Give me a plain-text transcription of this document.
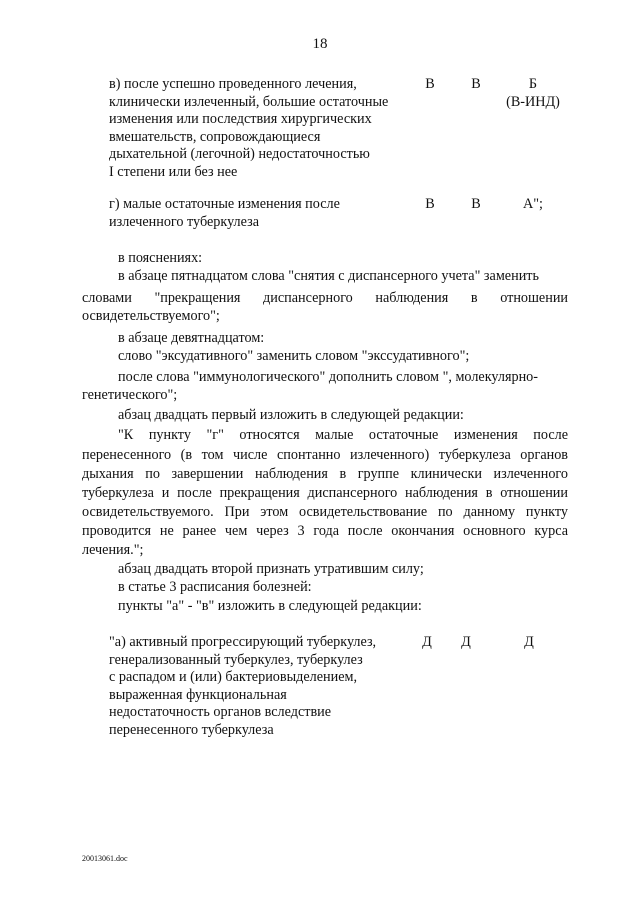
18
в) после успешно проведенного лечения,
клинически излеченный, большие остаточные
изменения или последствия хирургических
вмешательств, сопровождающиеся
дыхательной (легочной) недостаточностью
I степени или без нее
В	В	Б
(В-ИНД)
г) малые остаточные изменения после
излеченного туберкулеза
В	В	А";
в пояснениях:
в абзаце пятнадцатом слова "снятия с диспансерного учета" заменить
словами "прекращения диспансерного наблюдения в отношении
освидетельствуемого";
в абзаце девятнадцатом:
слово "эксудативного" заменить словом "экссудативного";
после слова "иммунологического" дополнить словом ", молекулярно-
генетического";
абзац двадцать первый изложить в следующей редакции:
"К пункту "г" относятся малые остаточные изменения после
перенесенного (в том числе спонтанно излеченного) туберкулеза органов
дыхания по завершении наблюдения в группе клинически излеченного
туберкулеза и после прекращения диспансерного наблюдения в отношении
освидетельствуемого. При этом освидетельствование по данному пункту
проводится не ранее чем через 3 года после окончания основного курса
лечения.";
абзац двадцать второй признать утратившим силу;
в статье 3 расписания болезней:
пункты "а" - "в" изложить в следующей редакции:
"а) активный прогрессирующий туберкулез,
генерализованный туберкулез, туберкулез
с распадом и (или) бактериовыделением,
выраженная функциональная
недостаточность органов вследствие
перенесенного туберкулеза
Д	Д	Д
20013061.doc
